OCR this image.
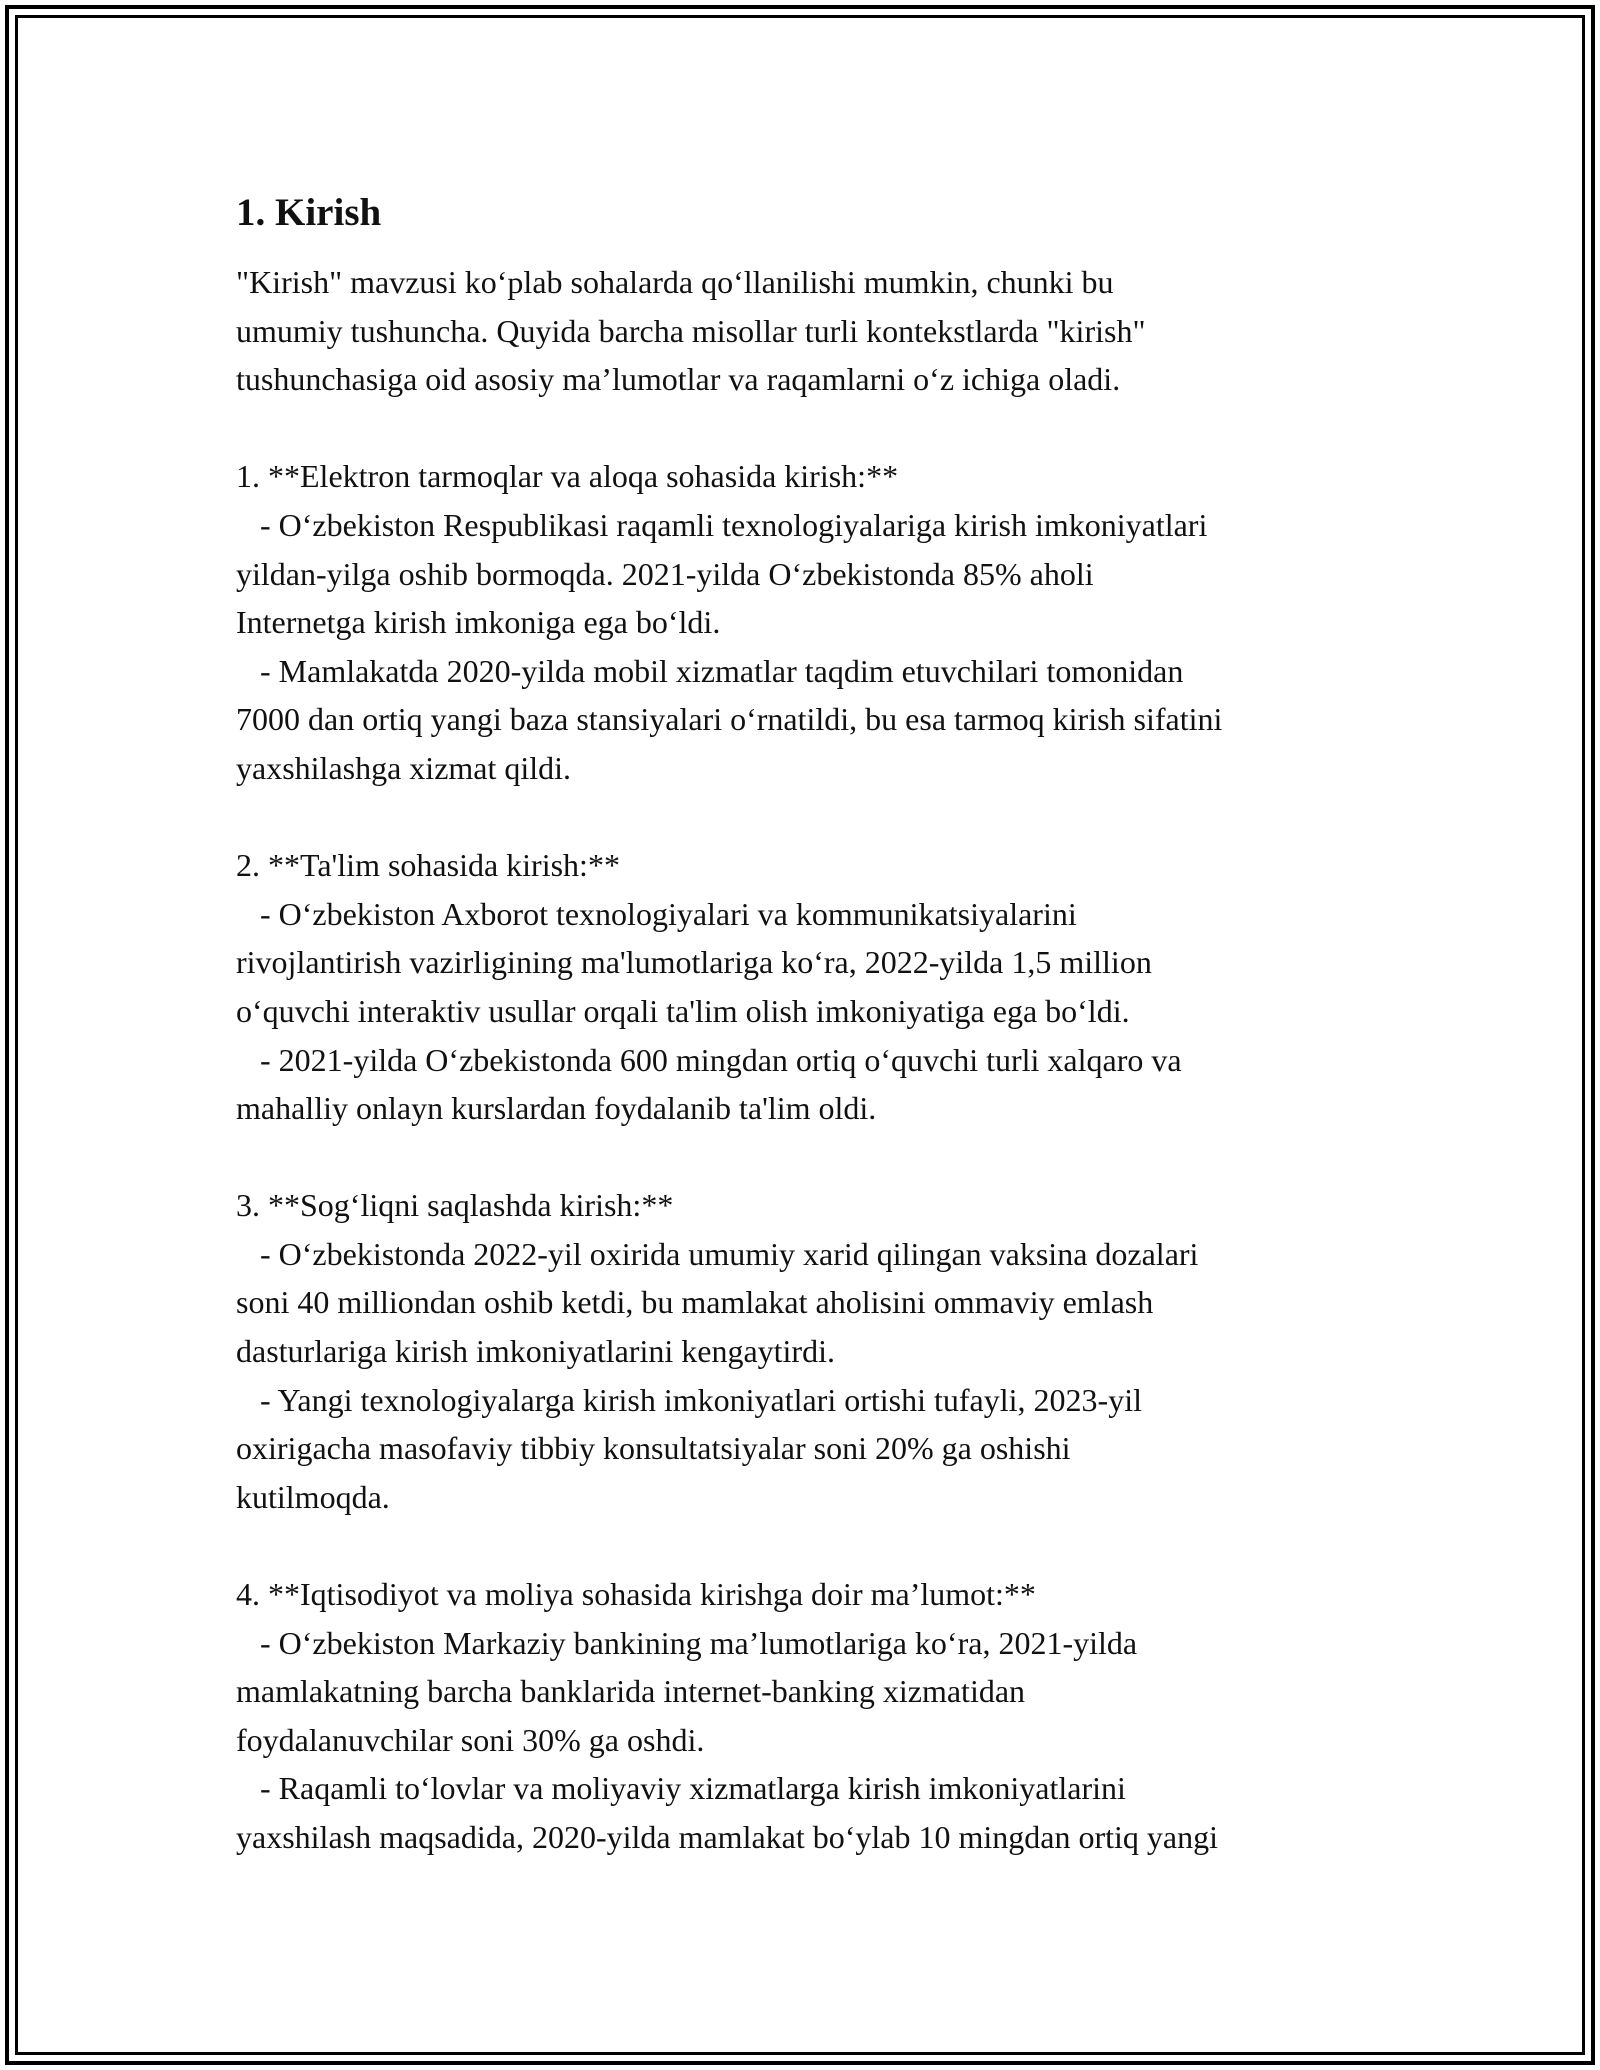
1. Kirish
"Kirish" mavzusi koʻplab sohalarda qoʻllanilishi mumkin, chunki bu
umumiy tushuncha. Quyida barcha misollar turli kontekstlarda "kirish"
tushunchasiga oid asosiy ma’lumotlar va raqamlarni oʻz ichiga oladi.
1. **Elektron tarmoqlar va aloqa sohasida kirish:**
- Oʻzbekiston Respublikasi raqamli texnologiyalariga kirish imkoniyatlari
yildan-yilga oshib bormoqda. 2021-yilda Oʻzbekistonda 85% aholi
Internetga kirish imkoniga ega boʻldi.
- Mamlakatda 2020-yilda mobil xizmatlar taqdim etuvchilari tomonidan
7000 dan ortiq yangi baza stansiyalari oʻrnatildi, bu esa tarmoq kirish sifatini
yaxshilashga xizmat qildi.
2. **Ta'lim sohasida kirish:**
- Oʻzbekiston Axborot texnologiyalari va kommunikatsiyalarini
rivojlantirish vazirligining ma'lumotlariga koʻra, 2022-yilda 1,5 million
oʻquvchi interaktiv usullar orqali ta'lim olish imkoniyatiga ega boʻldi.
- 2021-yilda Oʻzbekistonda 600 mingdan ortiq oʻquvchi turli xalqaro va
mahalliy onlayn kurslardan foydalanib ta'lim oldi.
3. **Sogʻliqni saqlashda kirish:**
- Oʻzbekistonda 2022-yil oxirida umumiy xarid qilingan vaksina dozalari
soni 40 milliondan oshib ketdi, bu mamlakat aholisini ommaviy emlash
dasturlariga kirish imkoniyatlarini kengaytirdi.
- Yangi texnologiyalarga kirish imkoniyatlari ortishi tufayli, 2023-yil
oxirigacha masofaviy tibbiy konsultatsiyalar soni 20% ga oshishi
kutilmoqda.
4. **Iqtisodiyot va moliya sohasida kirishga doir ma’lumot:**
- Oʻzbekiston Markaziy bankining ma’lumotlariga koʻra, 2021-yilda
mamlakatning barcha banklarida internet-banking xizmatidan
foydalanuvchilar soni 30% ga oshdi.
- Raqamli toʻlovlar va moliyaviy xizmatlarga kirish imkoniyatlarini
yaxshilash maqsadida, 2020-yilda mamlakat boʻylab 10 mingdan ortiq yangi
